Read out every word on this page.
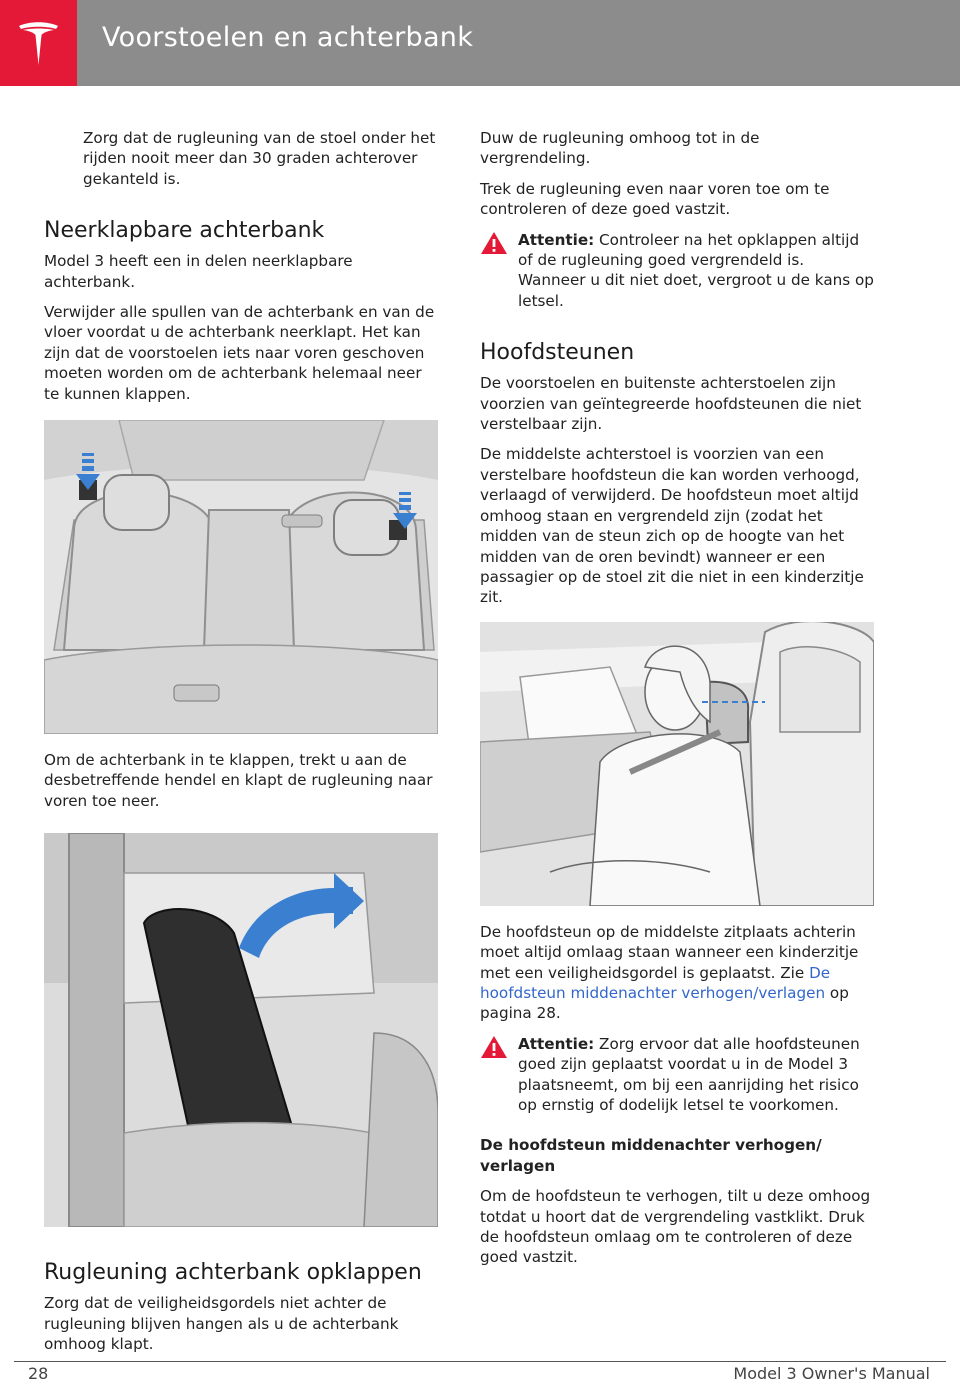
Voorstoelen en achterbank

Zorg dat de rugleuning van de stoel onder het rijden nooit meer dan 30 graden achterover gekanteld is.

Neerklapbare achterbank

Model 3 heeft een in delen neerklapbare achterbank.

Verwijder alle spullen van de achterbank en van de vloer voordat u de achterbank neerklapt. Het kan zijn dat de voorstoelen iets naar voren geschoven moeten worden om de achterbank helemaal neer te kunnen klappen.

Om de achterbank in te klappen, trekt u aan de desbetreffende hendel en klapt de rugleuning naar voren toe neer.

Rugleuning achterbank opklappen

Zorg dat de veiligheidsgordels niet achter de rugleuning blijven hangen als u de achterbank omhoog klapt.

Duw de rugleuning omhoog tot in de vergrendeling.

Trek de rugleuning even naar voren toe om te controleren of deze goed vastzit.

Attentie: Controleer na het opklappen altijd of de rugleuning goed vergrendeld is. Wanneer u dit niet doet, vergroot u de kans op letsel.

Hoofdsteunen

De voorstoelen en buitenste achterstoelen zijn voorzien van geïntegreerde hoofdsteunen die niet verstelbaar zijn.

De middelste achterstoel is voorzien van een verstelbare hoofdsteun die kan worden verhoogd, verlaagd of verwijderd. De hoofdsteun moet altijd omhoog staan en vergrendeld zijn (zodat het midden van de steun zich op de hoogte van het midden van de oren bevindt) wanneer er een passagier op de stoel zit die niet in een kinderzitje zit.

De hoofdsteun op de middelste zitplaats achterin moet altijd omlaag staan wanneer een kinderzitje met een veiligheidsgordel is geplaatst. Zie De hoofdsteun middenachter verhogen/verlagen op pagina 28.

Attentie: Zorg ervoor dat alle hoofdsteunen goed zijn geplaatst voordat u in de Model 3 plaatsneemt, om bij een aanrijding het risico op ernstig of dodelijk letsel te voorkomen.

De hoofdsteun middenachter verhogen/ verlagen

Om de hoofdsteun te verhogen, tilt u deze omhoog totdat u hoort dat de vergrendeling vastklikt. Druk de hoofdsteun omlaag om te controleren of deze goed vastzit.

28	Model 3 Owner's Manual
